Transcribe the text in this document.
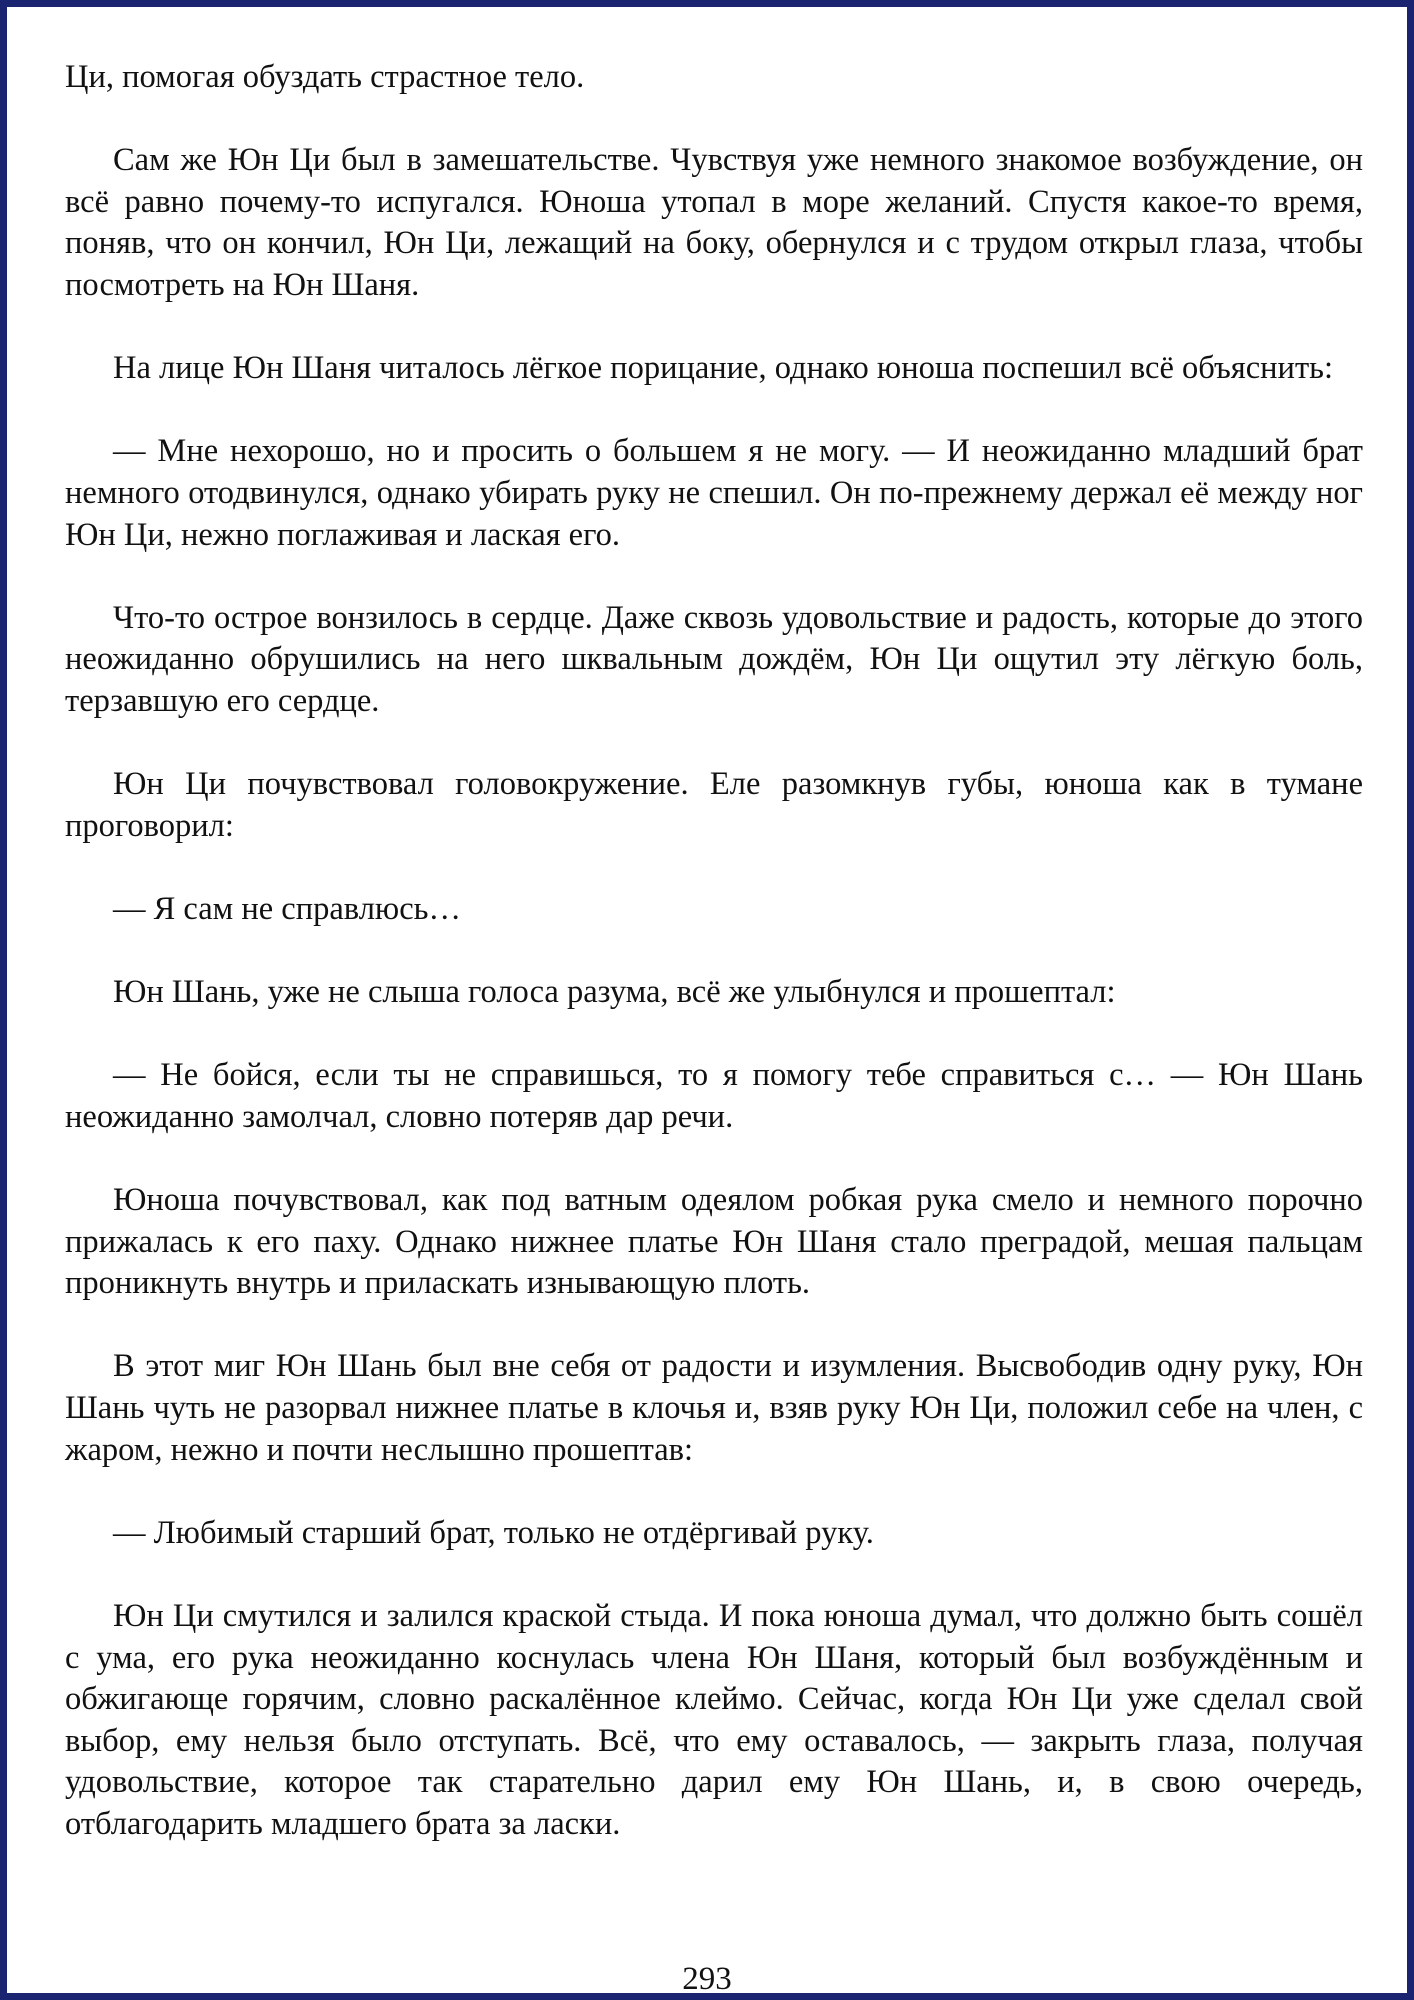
Ци, помогая обуздать страстное тело.

Сам же Юн Ци был в замешательстве. Чувствуя уже немного знакомое возбуждение, он всё равно почему-то испугался. Юноша утопал в море желаний. Спустя какое-то время, поняв, что он кончил, Юн Ци, лежащий на боку, обернулся и с трудом открыл глаза, чтобы посмотреть на Юн Шаня.

На лице Юн Шаня читалось лёгкое порицание, однако юноша поспешил всё объяснить:

— Мне нехорошо, но и просить о большем я не могу. — И неожиданно младший брат немного отодвинулся, однако убирать руку не спешил. Он по-прежнему держал её между ног Юн Ци, нежно поглаживая и лаская его.

Что-то острое вонзилось в сердце. Даже сквозь удовольствие и радость, которые до этого неожиданно обрушились на него шквальным дождём, Юн Ци ощутил эту лёгкую боль, терзавшую его сердце.

Юн Ци почувствовал головокружение. Еле разомкнув губы, юноша как в тумане проговорил:

— Я сам не справлюсь…

Юн Шань, уже не слыша голоса разума, всё же улыбнулся и прошептал:

— Не бойся, если ты не справишься, то я помогу тебе справиться с… — Юн Шань неожиданно замолчал, словно потеряв дар речи.

Юноша почувствовал, как под ватным одеялом робкая рука смело и немного порочно прижалась к его паху. Однако нижнее платье Юн Шаня стало преградой, мешая пальцам проникнуть внутрь и приласкать изнывающую плоть.

В этот миг Юн Шань был вне себя от радости и изумления. Высвободив одну руку, Юн Шань чуть не разорвал нижнее платье в клочья и, взяв руку Юн Ци, положил себе на член, с жаром, нежно и почти неслышно прошептав:

— Любимый старший брат, только не отдёргивай руку.

Юн Ци смутился и залился краской стыда. И пока юноша думал, что должно быть сошёл с ума, его рука неожиданно коснулась члена Юн Шаня, который был возбуждённым и обжигающе горячим, словно раскалённое клеймо. Сейчас, когда Юн Ци уже сделал свой выбор, ему нельзя было отступать. Всё, что ему оставалось, — закрыть глаза, получая удовольствие, которое так старательно дарил ему Юн Шань, и, в свою очередь, отблагодарить младшего брата за ласки.

293
